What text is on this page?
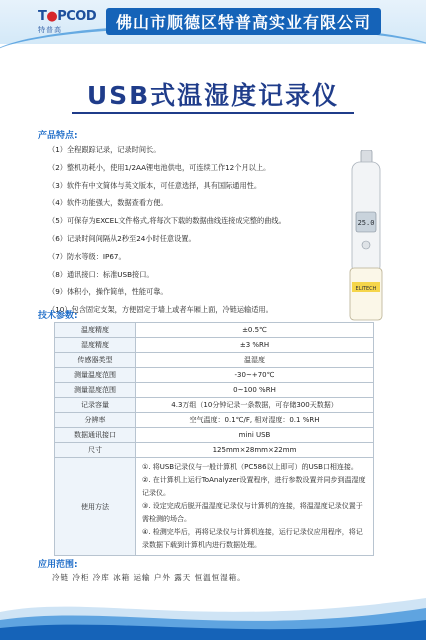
T●PCOD
特普高	佛山市顺德区特普高实业有限公司
USB式温湿度记录仪
产品特点:
（1）全程跟踪记录，记录时间长。
（2）整机功耗小，使用1/2AA锂电池供电，可连续工作12个月以上。
（3）软件有中文简体与英文版本，可任意选择，具有国际通用性。
（4）软件功能强大，数据查看方便。
（5）可保存为EXCEL文件格式,将每次下载的数据曲线连接成完整的曲线。
（6）记录时间间隔从2秒至24小时任意设置。
（7）防水等级：IP67。
（8）通讯接口：标准USB接口。
（9）体积小，操作简单，性能可靠。
（10）包含固定支架，方便固定于墙上或者车厢上面，冷链运输适用。
25.0
ELITECH
技术参数:
温度精度	±0.5℃
湿度精度	±3 %RH
传感器类型	温湿度
测量温度范围	-30~+70℃
测量湿度范围	0~100 %RH
记录容量	4.3万组（10分钟记录一条数据，可存储300天数据）
分辨率	空气温度：0.1℃/F, 相对湿度：0.1 %RH
数据通讯接口	mini USB
尺寸	125mm×28mm×22mm
使用方法	①. 将USB记录仪与一般计算机（PC586以上即可）的USB口相连接。
②. 在计算机上运行ToAnalyzer设置程序，进行参数设置并同步到温湿度记录仪。
③. 设定完成后脱开温湿度记录仪与计算机的连接，将温湿度记录仪置于需检测的场合。
④. 检测完毕后，再将记录仪与计算机连接，运行记录仪应用程序，将记录数据下载到计算机内进行数据处理。
应用范围:
冷链 冷柜 冷库 冰箱 运输 户外 露天 恒温恒湿箱。
